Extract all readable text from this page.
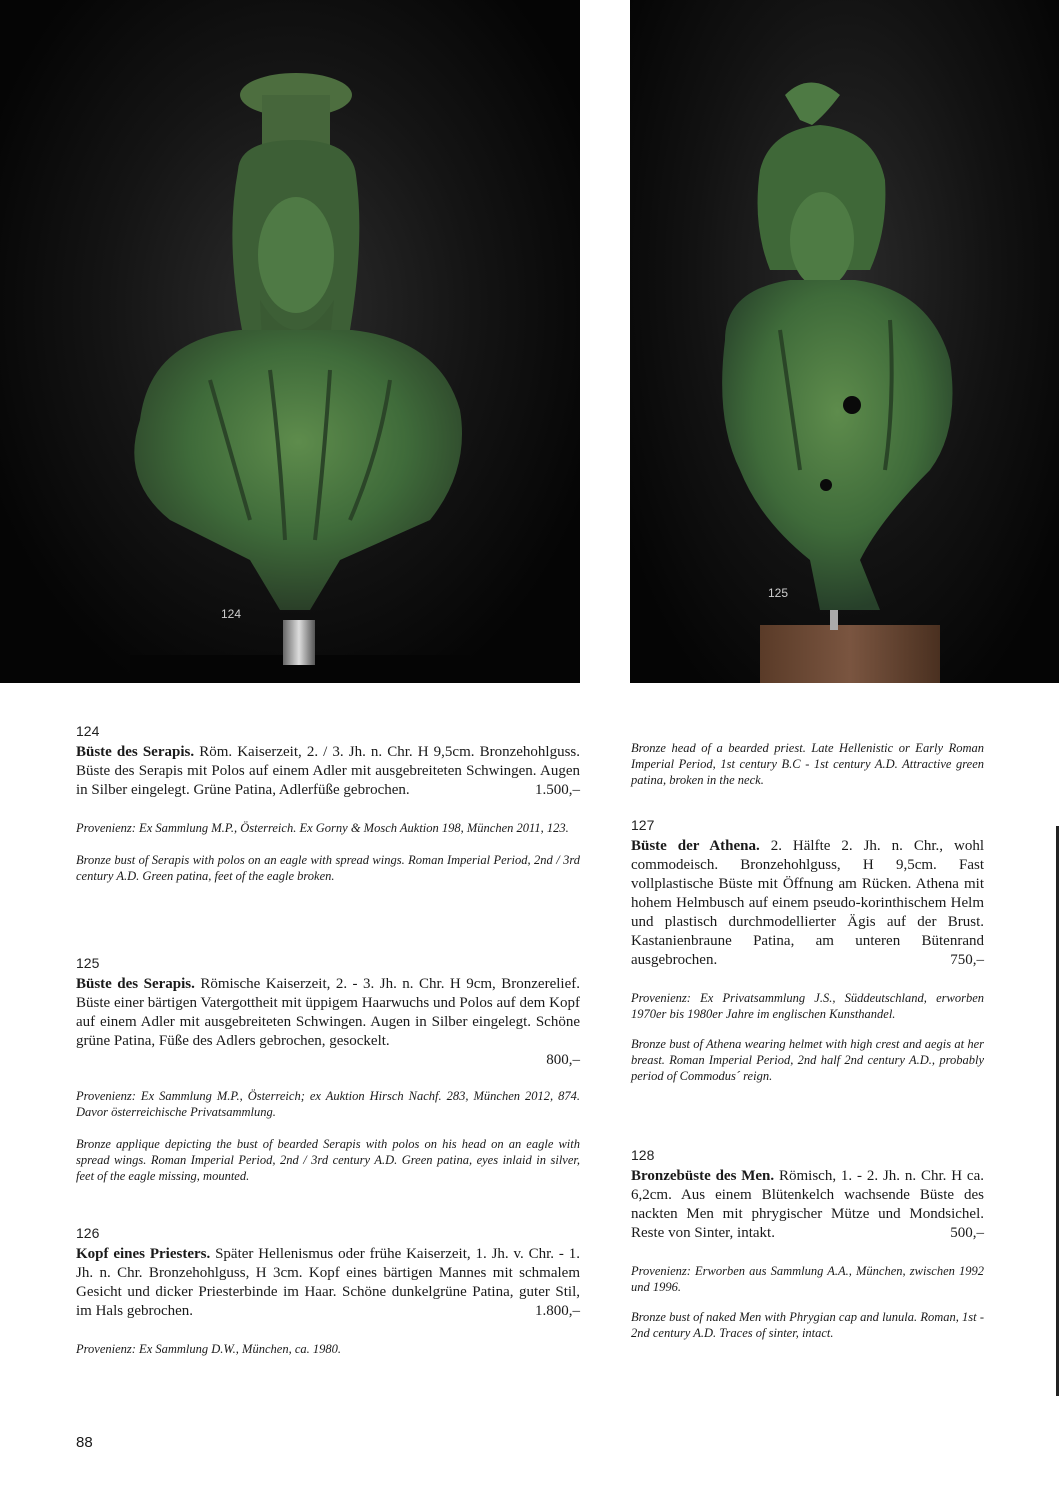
124
125
124

Büste des Serapis. Röm. Kaiserzeit, 2. / 3. Jh. n. Chr. H 9,5cm. Bronzehohlguss. Büste des Serapis mit Polos auf einem Adler mit ausgebreiteten Schwingen. Augen in Silber eingelegt. Grüne Patina, Adlerfüße gebrochen.	1.500,–

Provenienz: Ex Sammlung M.P., Österreich. Ex Gorny & Mosch Auktion 198, München 2011, 123.

Bronze bust of Serapis with polos on an eagle with spread wings. Roman Imperial Period, 2nd / 3rd century A.D. Green patina, feet of the eagle broken.

125

Büste des Serapis. Römische Kaiserzeit, 2. - 3. Jh. n. Chr. H 9cm, Bronzerelief. Büste einer bärtigen Vatergottheit mit üppigem Haarwuchs und Polos auf dem Kopf auf einem Adler mit ausgebreiteten Schwingen. Augen in Silber eingelegt. Schöne grüne Patina, Füße des Adlers gebrochen, gesockelt.

800,–

Provenienz: Ex Sammlung M.P., Österreich; ex Auktion Hirsch Nachf. 283, München 2012, 874. Davor österreichische Privatsammlung.

Bronze applique depicting the bust of bearded Serapis with polos on his head on an eagle with spread wings. Roman Imperial Period, 2nd / 3rd century A.D. Green patina, eyes inlaid in silver, feet of the eagle missing, mounted.

126

Kopf eines Priesters. Später Hellenismus oder frühe Kaiserzeit, 1. Jh. v. Chr. - 1. Jh. n. Chr. Bronzehohlguss, H 3cm. Kopf eines bärtigen Mannes mit schmalem Gesicht und dicker Priesterbinde im Haar. Schöne dunkelgrüne Patina, guter Stil, im Hals gebrochen.	1.800,–

Provenienz: Ex Sammlung D.W., München, ca. 1980.

Bronze head of a bearded priest. Late Hellenistic or Early Roman Imperial Period, 1st century B.C - 1st century A.D. Attractive green patina, broken in the neck.

127

Büste der Athena. 2. Hälfte 2. Jh. n. Chr., wohl commodeisch. Bronzehohlguss, H 9,5cm. Fast vollplastische Büste mit Öffnung am Rücken. Athena mit hohem Helmbusch auf einem pseudo-korinthischem Helm und plastisch durchmodellierter Ägis auf der Brust. Kastanienbraune Patina, am unteren Bütenrand ausgebrochen.	750,–

Provenienz: Ex Privatsammlung J.S., Süddeutschland, erworben 1970er bis 1980er Jahre im englischen Kunsthandel.

Bronze bust of Athena wearing helmet with high crest and aegis at her breast. Roman Imperial Period, 2nd half 2nd century A.D., probably period of Commodus´ reign.

128

Bronzebüste des Men. Römisch, 1. - 2. Jh. n. Chr. H ca. 6,2cm. Aus einem Blütenkelch wachsende Büste des nackten Men mit phrygischer Mütze und Mondsichel. Reste von Sinter, intakt.	500,–

Provenienz: Erworben aus Sammlung A.A., München, zwischen 1992 und 1996.

Bronze bust of naked Men with Phrygian cap and lunula. Roman, 1st - 2nd century A.D. Traces of sinter, intact.

88
